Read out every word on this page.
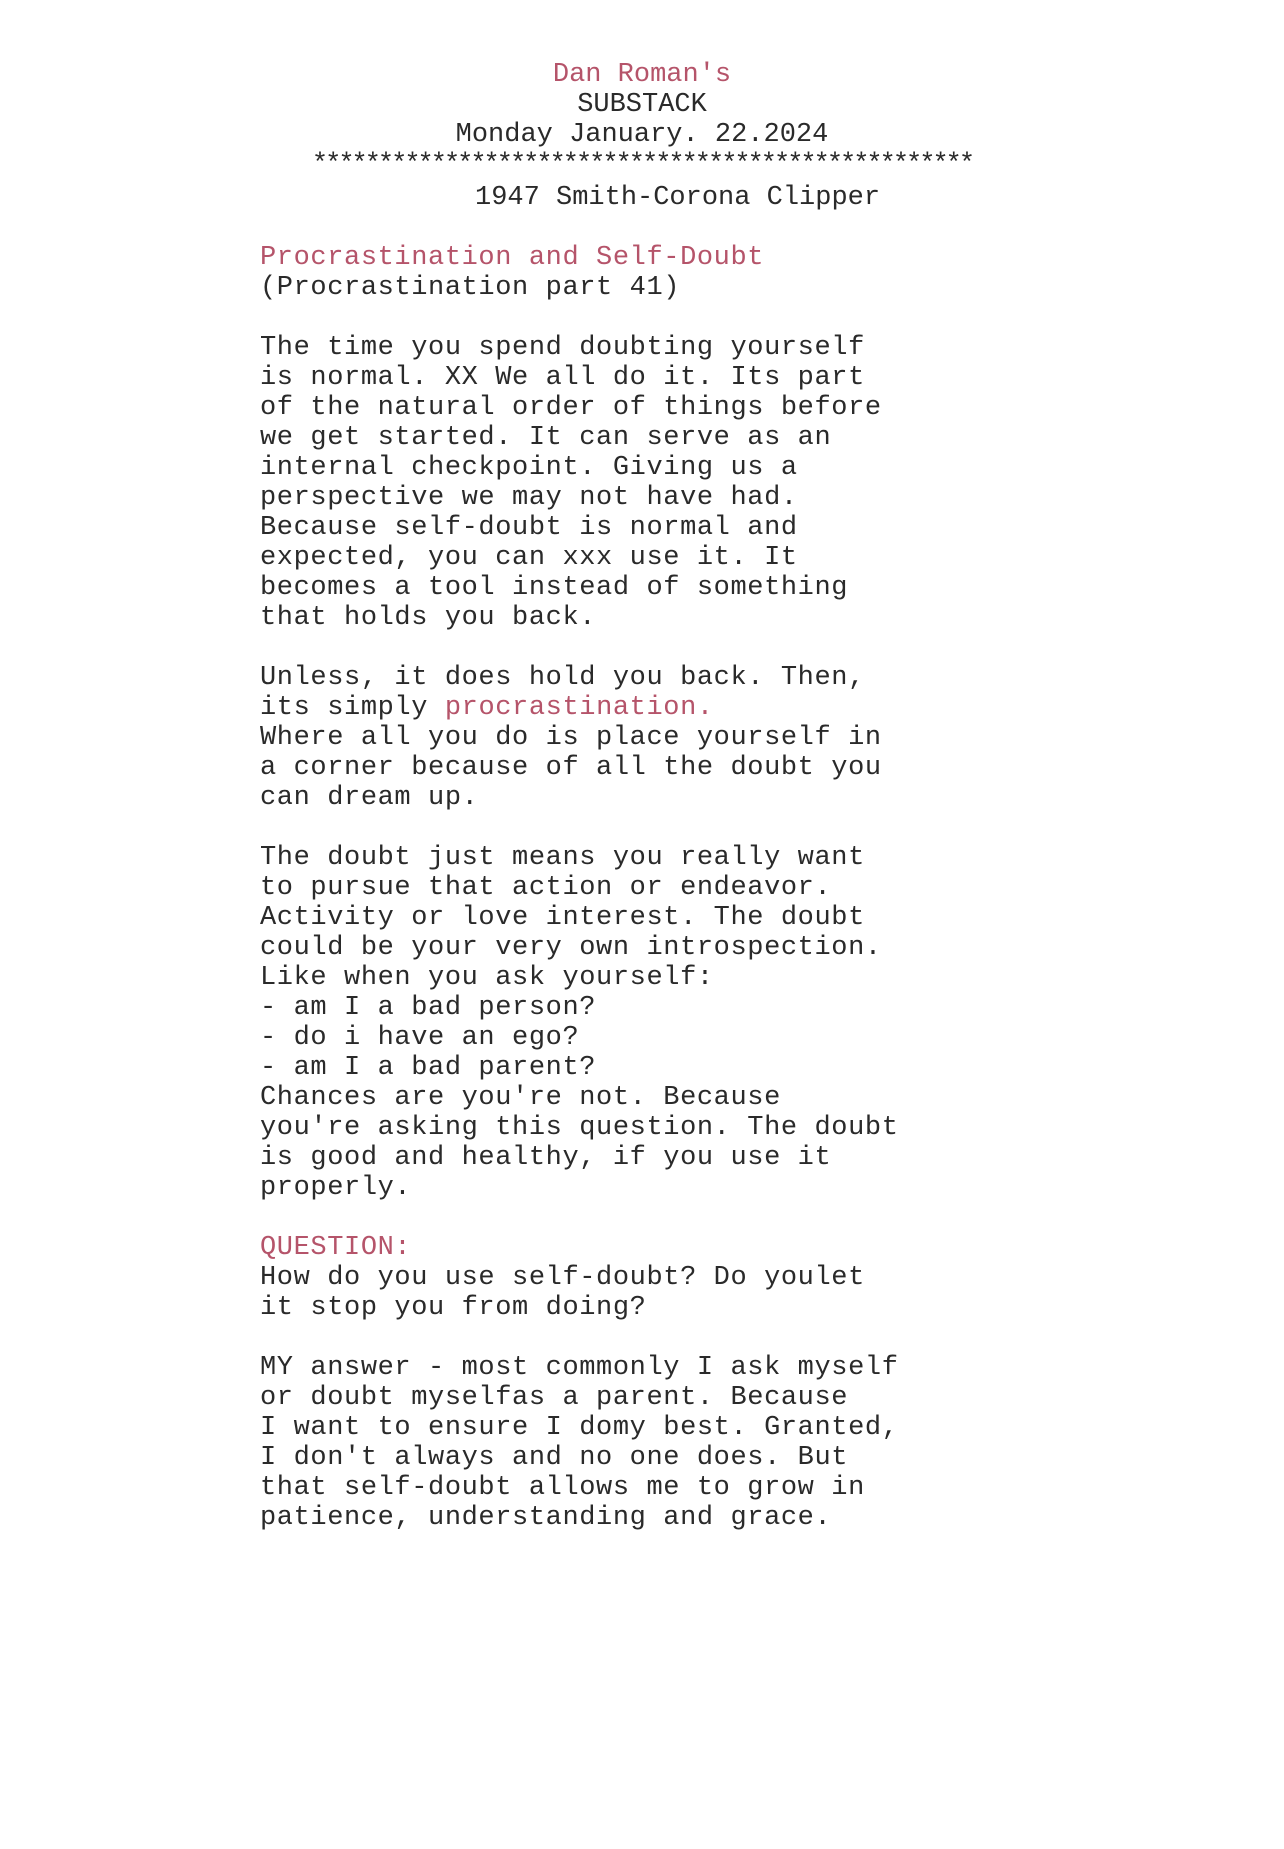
Dan Roman's
SUBSTACK
Monday January. 22.2024
**************************************************
1947 Smith-Corona Clipper
Procrastination and Self-Doubt
(Procrastination part 41)
The time you spend doubting yourself
is normal. XX We all do it. Its part
of the natural order of things before
we get started. It can serve as an
internal checkpoint. Giving us a
perspective we may not have had.
Because self-doubt is normal and
expected, you can xxx use it. It
becomes a tool instead of something
that holds you back.
Unless, it does hold you back. Then,
its simply procrastination.
Where all you do is place yourself in
a corner because of all the doubt you
can dream up.
The doubt just means you really want
to pursue that action or endeavor.
Activity or love interest. The doubt
could be your very own introspection.
Like when you ask yourself:
- am I a bad person?
- do i have an ego?
- am I a bad parent?
Chances are you're not. Because
you're asking this question. The doubt
is good and healthy, if you use it
properly.
QUESTION:
How do you use self-doubt? Do youlet
it stop you from doing?
MY answer - most commonly I ask myself
or doubt myselfas a parent. Because
I want to ensure I domy best. Granted,
I don't always and no one does. But
that self-doubt allows me to grow in
patience, understanding and grace.
